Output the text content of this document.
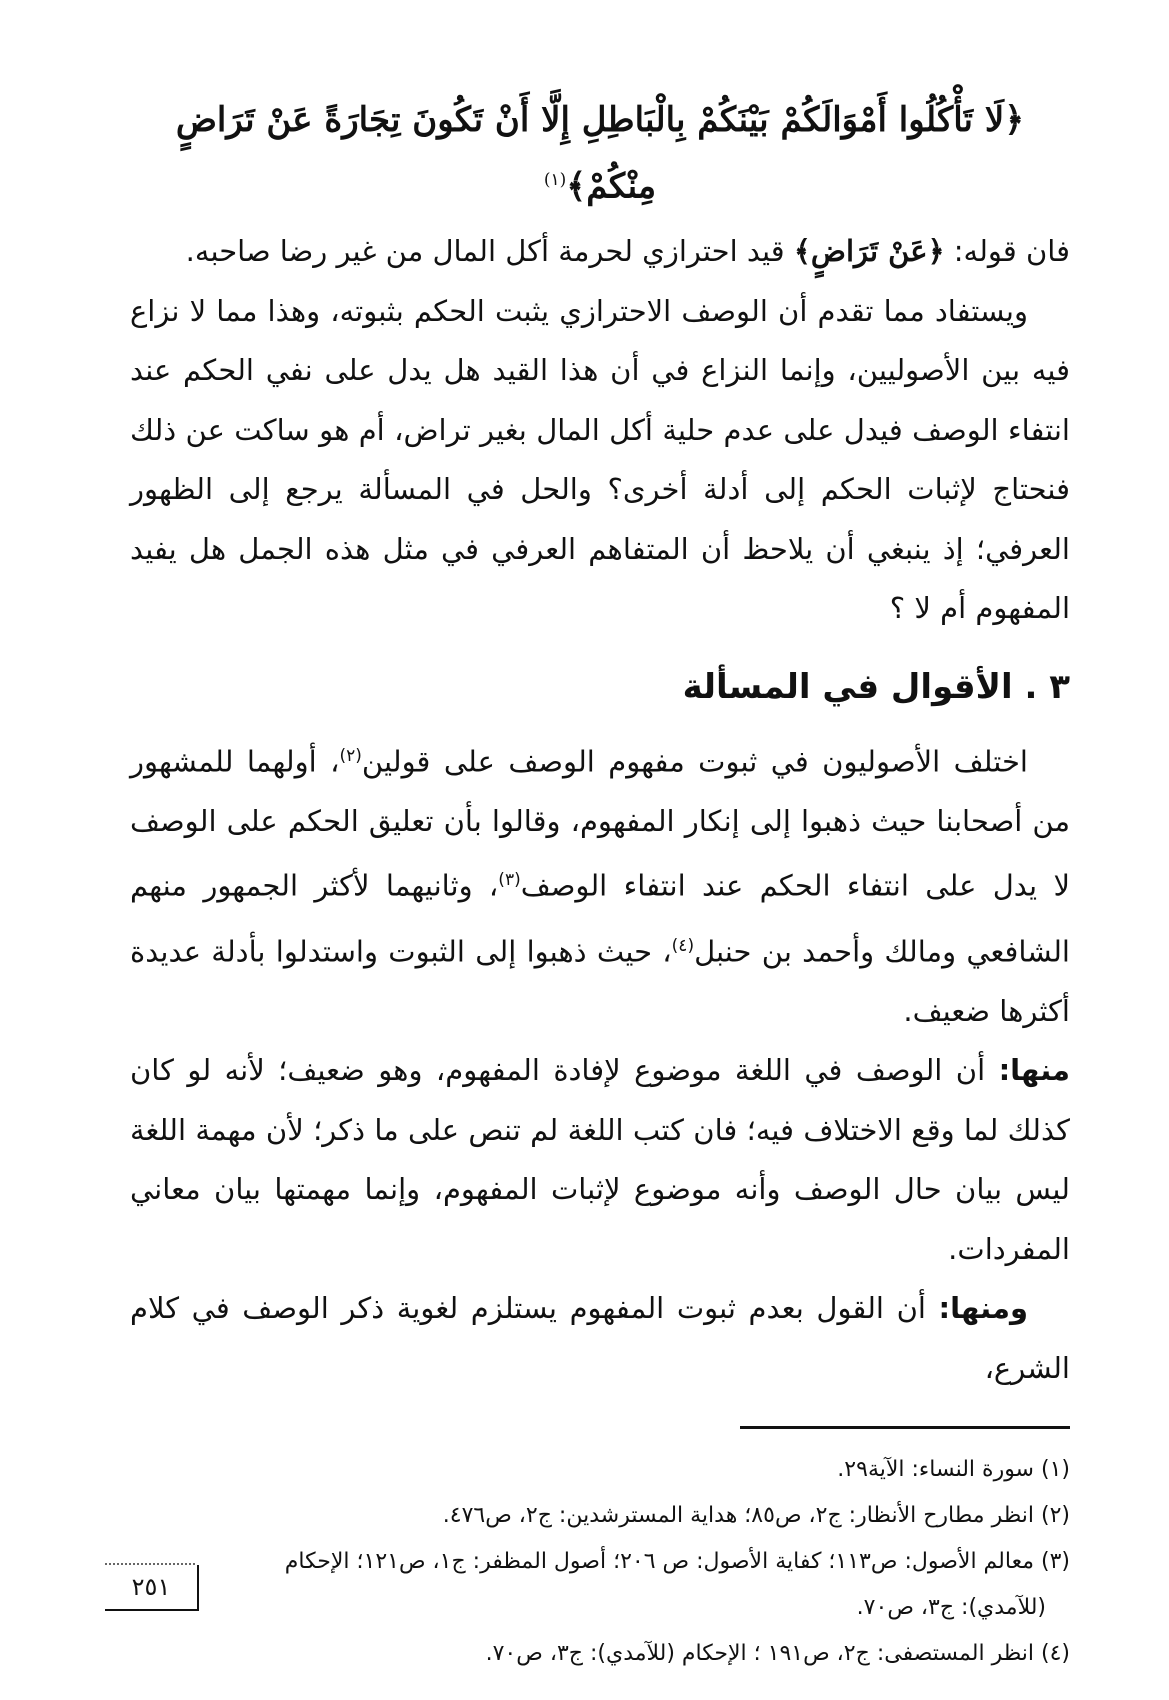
﴿لَا تَأْكُلُوا أَمْوَالَكُمْ بَيْنَكُمْ بِالْبَاطِلِ إِلَّا أَنْ تَكُونَ تِجَارَةً عَنْ تَرَاضٍ مِنْكُمْ﴾$^{(١)}$

فان قوله: ﴿عَنْ تَرَاضٍ﴾ قيد احترازي لحرمة أكل المال من غير رضا صاحبه.

ويستفاد مما تقدم أن الوصف الاحترازي يثبت الحكم بثبوته، وهذا مما لا نزاع فيه بين الأصوليين، وإنما النزاع في أن هذا القيد هل يدل على نفي الحكم عند انتفاء الوصف فيدل على عدم حلية أكل المال بغير تراض، أم هو ساكت عن ذلك فنحتاج لإثبات الحكم إلى أدلة أخرى؟ والحل في المسألة يرجع إلى الظهور العرفي؛ إذ ينبغي أن يلاحظ أن المتفاهم العرفي في مثل هذه الجمل هل يفيد المفهوم أم لا ؟

٣ . الأقوال في المسألة

اختلف الأصوليون في ثبوت مفهوم الوصف على قولين$^{(٢)}$، أولهما للمشهور من أصحابنا حيث ذهبوا إلى إنكار المفهوم، وقالوا بأن تعليق الحكم على الوصف لا يدل على انتفاء الحكم عند انتفاء الوصف$^{(٣)}$، وثانيهما لأكثر الجمهور منهم الشافعي ومالك وأحمد بن حنبل$^{(٤)}$، حيث ذهبوا إلى الثبوت واستدلوا بأدلة عديدة أكثرها ضعيف.

منها: أن الوصف في اللغة موضوع لإفادة المفهوم، وهو ضعيف؛ لأنه لو كان كذلك لما وقع الاختلاف فيه؛ فان كتب اللغة لم تنص على ما ذكر؛ لأن مهمة اللغة ليس بيان حال الوصف وأنه موضوع لإثبات المفهوم، وإنما مهمتها بيان معاني المفردات.

ومنها: أن القول بعدم ثبوت المفهوم يستلزم لغوية ذكر الوصف في كلام الشرع،

(١) سورة النساء: الآية٢٩.
(٢) انظر مطارح الأنظار: ج٢، ص٨٥؛ هداية المسترشدين: ج٢، ص٤٧٦.
(٣) معالم الأصول: ص١١٣؛ كفاية الأصول: ص ٢٠٦؛ أصول المظفر: ج١، ص١٢١؛ الإحكام
(للآمدي): ج٣، ص٧٠.
(٤) انظر المستصفى: ج٢، ص١٩١ ؛ الإحكام (للآمدي): ج٣، ص٧٠.
٢٥١
